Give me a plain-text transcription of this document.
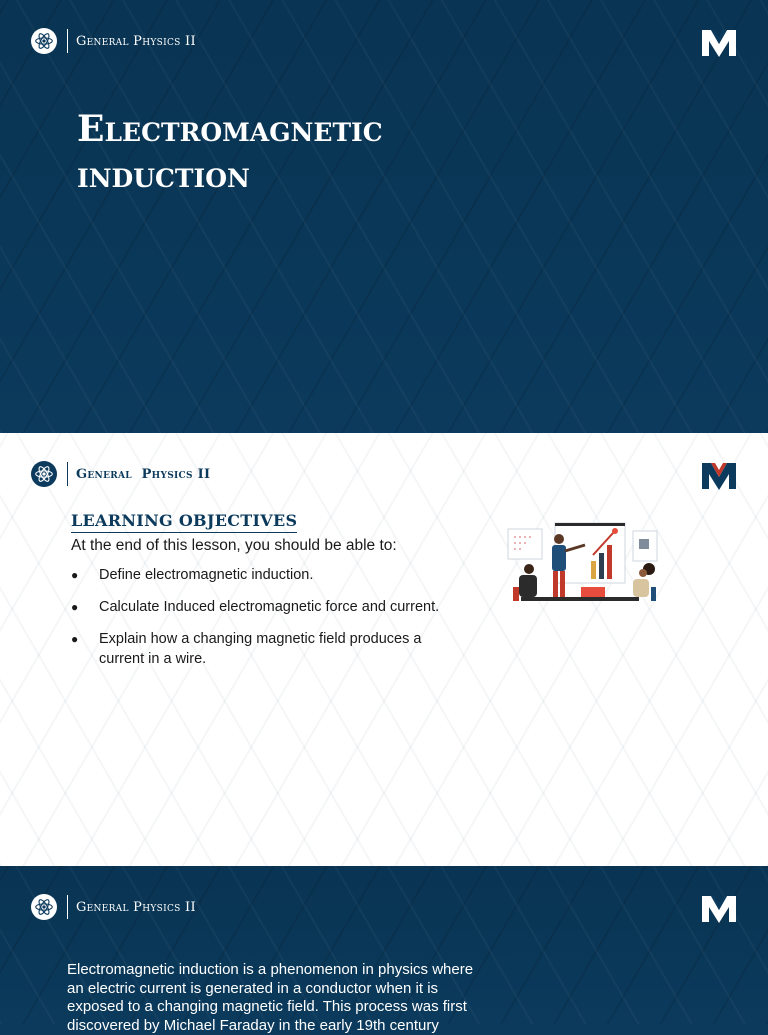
General Physics II
Electromagnetic induction
General  Physics II
LEARNING OBJECTIVES
At the end of this lesson, you should be able to:
● Define electromagnetic induction.
● Calculate Induced electromagnetic force and current.
● Explain how a changing magnetic field produces a current in a wire.
General Physics II

Electromagnetic induction is a phenomenon in physics where an electric current is generated in a conductor when it is exposed to a changing magnetic field. This process was first discovered by Michael Faraday in the early 19th century
